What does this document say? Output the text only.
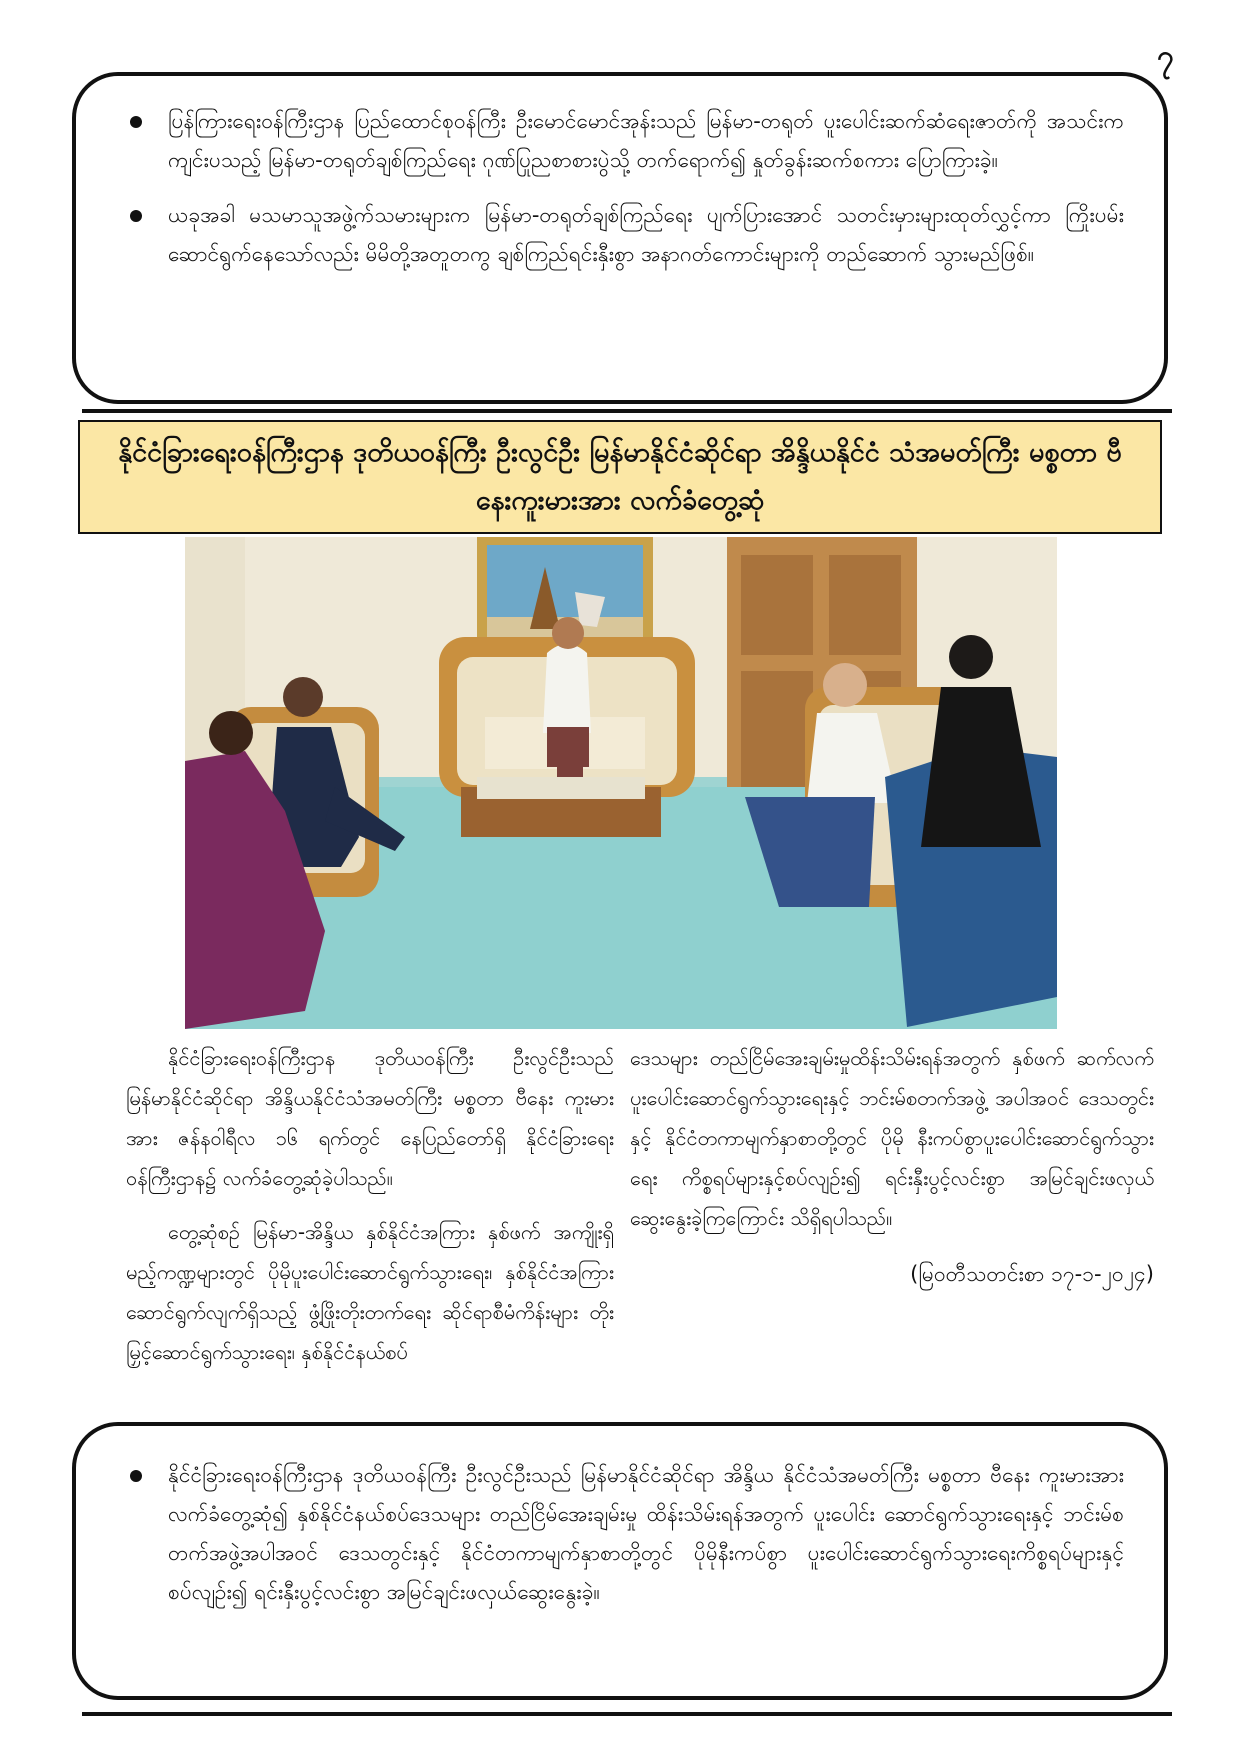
၇
ပြန်ကြားရေးဝန်ကြီးဌာန ပြည်ထောင်စုဝန်ကြီး ဦးမောင်မောင်အုန်းသည် မြန်မာ-တရုတ် ပူးပေါင်းဆက်ဆံရေးဇာတ်ကို အသင်းကကျင်းပသည့် မြန်မာ-တရုတ်ချစ်ကြည်ရေး ဂုဏ်ပြုညစာစားပွဲသို့ တက်ရောက်၍ နှုတ်ခွန်းဆက်စကား ပြောကြားခဲ့။
ယခုအခါ မသမာသူအဖွဲ့က်သမားများက မြန်မာ-တရုတ်ချစ်ကြည်ရေး ပျက်ပြားအောင် သတင်းမှားများထုတ်လွှင့်ကာ ကြိုးပမ်းဆောင်ရွက်နေသော်လည်း မိမိတို့အတူတကွ ချစ်ကြည်ရင်းနှီးစွာ အနာဂတ်ကောင်းများကို တည်ဆောက် သွားမည်ဖြစ်။
နိုင်ငံခြားရေးဝန်ကြီးဌာန ဒုတိယဝန်ကြီး ဦးလွင်ဦး မြန်မာနိုင်ငံဆိုင်ရာ အိန္ဒိယနိုင်ငံ သံအမတ်ကြီး မစ္စတာ ဗီနေးကူးမားအား လက်ခံတွေ့ဆုံ

နိုင်ငံခြားရေးဝန်ကြီးဌာန ဒုတိယဝန်ကြီး ဦးလွင်ဦးသည် မြန်မာနိုင်ငံဆိုင်ရာ အိန္ဒိယနိုင်ငံသံအမတ်ကြီး မစ္စတာ ဗီနေး ကူးမားအား ဇန်နဝါရီလ ၁၆ ရက်တွင် နေပြည်တော်ရှိ နိုင်ငံခြားရေး ဝန်ကြီးဌာန၌ လက်ခံတွေ့ဆုံခဲ့ပါသည်။

တွေ့ဆုံစဉ် မြန်မာ-အိန္ဒိယ နှစ်နိုင်ငံအကြား နှစ်ဖက် အကျိုးရှိမည့်ကဏ္ဍများတွင် ပိုမိုပူးပေါင်းဆောင်ရွက်သွားရေး၊ နှစ်နိုင်ငံအကြား ဆောင်ရွက်လျက်ရှိသည့် ဖွံ့ဖြိုးတိုးတက်ရေး ဆိုင်ရာစီမံကိန်းများ တိုးမြှင့်ဆောင်ရွက်သွားရေး၊ နှစ်နိုင်ငံနယ်စပ်

ဒေသများ တည်ငြိမ်အေးချမ်းမှုထိန်းသိမ်းရန်အတွက် နှစ်ဖက် ဆက်လက်ပူးပေါင်းဆောင်ရွက်သွားရေးနှင့် ဘင်းမ်စတက်အဖွဲ့ အပါအဝင် ဒေသတွင်းနှင့် နိုင်ငံတကာမျက်နှာစာတို့တွင် ပိုမို နီးကပ်စွာပူးပေါင်းဆောင်ရွက်သွားရေး ကိစ္စရပ်များနှင့်စပ်လျဉ်း၍ ရင်းနှီးပွင့်လင်းစွာ အမြင်ချင်းဖလှယ်ဆွေးနွေးခဲ့ကြကြောင်း သိရှိရပါသည်။

(မြဝတီသတင်းစာ ၁၇-၁-၂၀၂၄)
နိုင်ငံခြားရေးဝန်ကြီးဌာန ဒုတိယဝန်ကြီး ဦးလွင်ဦးသည် မြန်မာနိုင်ငံဆိုင်ရာ အိန္ဒိယ နိုင်ငံသံအမတ်ကြီး မစ္စတာ ဗီနေး ကူးမားအား လက်ခံတွေ့ဆုံ၍ နှစ်နိုင်ငံနယ်စပ်ဒေသများ တည်ငြိမ်အေးချမ်းမှု ထိန်းသိမ်းရန်အတွက် ပူးပေါင်း ဆောင်ရွက်သွားရေးနှင့် ဘင်းမ်စတက်အဖွဲ့အပါအဝင် ဒေသတွင်းနှင့် နိုင်ငံတကာမျက်နှာစာတို့တွင် ပိုမိုနီးကပ်စွာ ပူးပေါင်းဆောင်ရွက်သွားရေးကိစ္စရပ်များနှင့်စပ်လျဉ်း၍ ရင်းနှီးပွင့်လင်းစွာ အမြင်ချင်းဖလှယ်ဆွေးနွေးခဲ့။
